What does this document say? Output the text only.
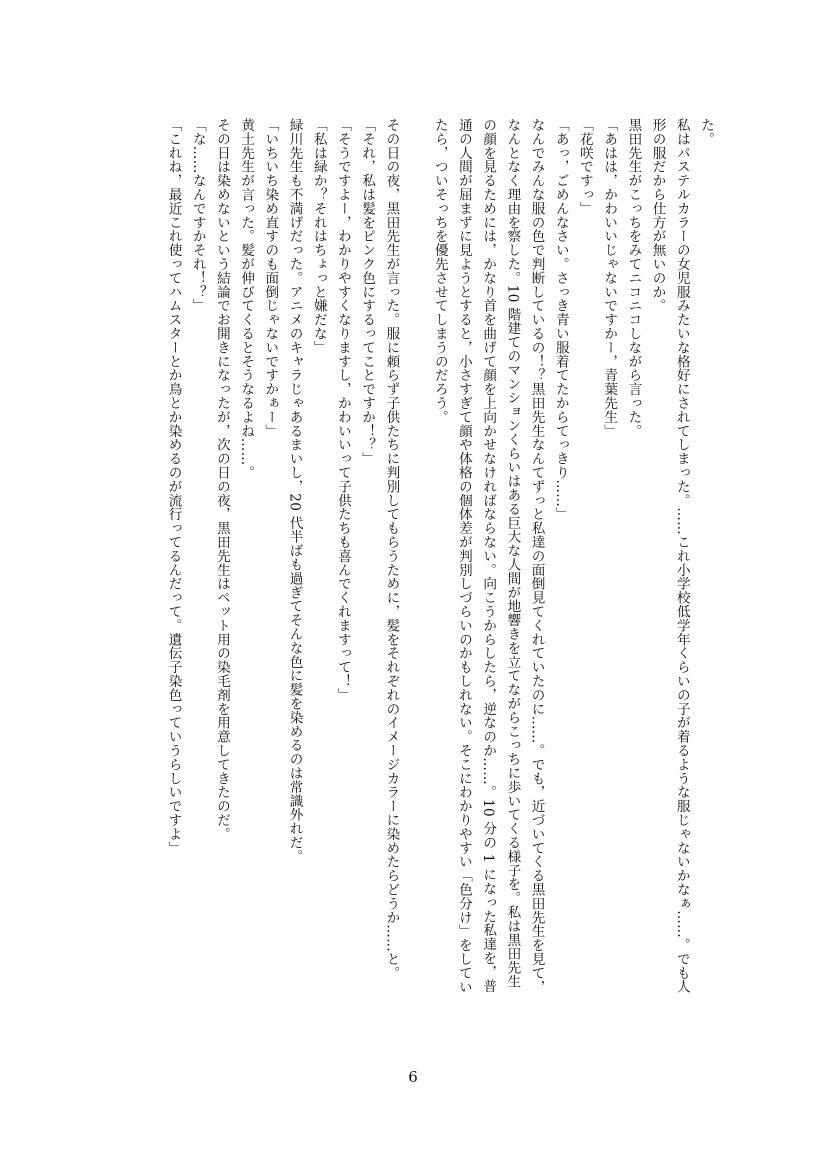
た。
私はパステルカラーの女児服みたいな格好にされてしまった。……これ小学校低学年くらいの子が着るような服じゃないかなぁ……。でも人
形の服だから仕方が無いのか。
黒田先生がこっちをみてニコニコしながら言った。
「あはは，かわいいじゃないですかー，青葉先生」
「花咲ですっ」
「あっ，ごめんなさい。さっき青い服着てたからてっきり……」
なんでみんな服の色で判断しているの！？黒田先生なんてずっと私達の面倒見てくれていたのに……。でも，近づいてくる黒田先生を見て，
なんとなく理由を察した。10 階建てのマンションくらいはある巨大な人間が地響きを立てながらこっちに歩いてくる様子を。私は黒田先生
の顔を見るためには，かなり首を曲げて顔を上向かせなければならない。向こうからしたら，逆なのか……。10 分の 1 になった私達を，普
通の人間が屈まずに見ようとすると，小さすぎて顔や体格の個体差が判別しづらいのかもしれない。そこにわかりやすい「色分け」をしてい
たら，ついそっちを優先させてしまうのだろう。
その日の夜，黒田先生が言った。服に頼らず子供たちに判別してもらうために，髪をそれぞれのイメージカラーに染めたらどうか……と。
「それ，私は髪をピンク色にするってことですか！？」
「そうですよー，わかりやすくなりますし，かわいいって子供たちも喜んでくれますって！」
「私は緑か？それはちょっと嫌だな」
緑川先生も不満げだった。アニメのキャラじゃあるまいし，20 代半ばも過ぎてそんな色に髪を染めるのは常識外れだ。
「いちいち染め直すのも面倒じゃないですかぁー」
黄土先生が言った。髪が伸びてくるとそうなるよね……。
その日は染めないという結論でお開きになったが，次の日の夜，黒田先生はペット用の染毛剤を用意してきたのだ。
「な……なんですかそれ！？」
「これね，最近これ使ってハムスターとか鳥とか染めるのが流行ってるんだって。遺伝子染色っていうらしいですよ」
6
